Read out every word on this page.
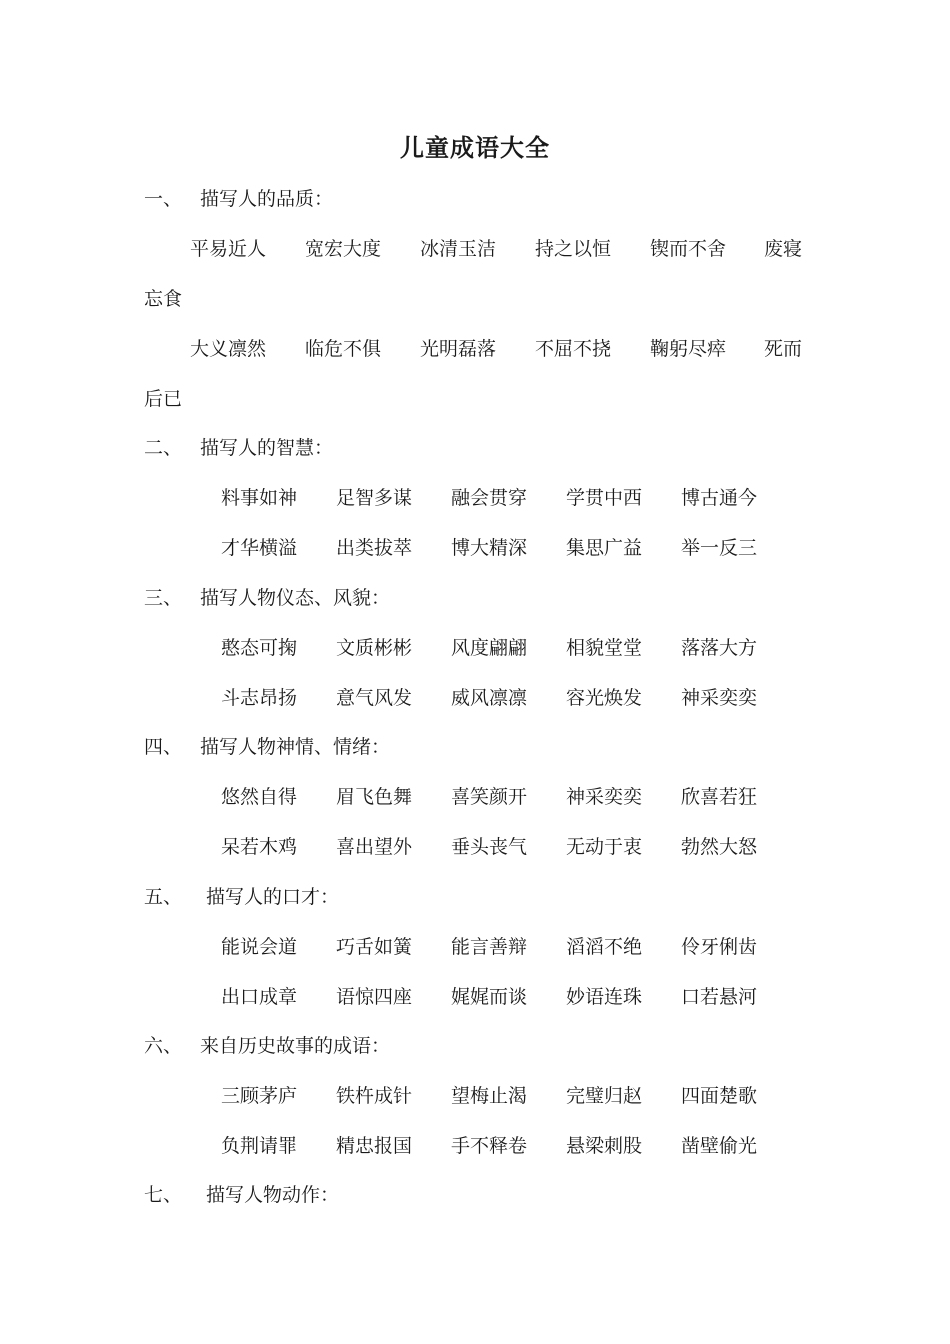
儿童成语大全
一、 描写人的品质：
平易近人 宽宏大度 冰清玉洁 持之以恒 锲而不舍 废寝
忘食
大义凛然 临危不俱 光明磊落 不屈不挠 鞠躬尽瘁 死而
后已
二、 描写人的智慧：
料事如神 足智多谋 融会贯穿 学贯中西 博古通今
才华横溢 出类拔萃 博大精深 集思广益 举一反三
三、 描写人物仪态、风貌：
憨态可掬 文质彬彬 风度翩翩 相貌堂堂 落落大方
斗志昂扬 意气风发 威风凛凛 容光焕发 神采奕奕
四、 描写人物神情、情绪：
悠然自得 眉飞色舞 喜笑颜开 神采奕奕 欣喜若狂
呆若木鸡 喜出望外 垂头丧气 无动于衷 勃然大怒
五、 描写人的口才：
能说会道 巧舌如簧 能言善辩 滔滔不绝 伶牙俐齿
出口成章 语惊四座 娓娓而谈 妙语连珠 口若悬河
六、 来自历史故事的成语：
三顾茅庐 铁杵成针 望梅止渴 完璧归赵 四面楚歌
负荆请罪 精忠报国 手不释卷 悬梁刺股 凿壁偷光
七、 描写人物动作：
